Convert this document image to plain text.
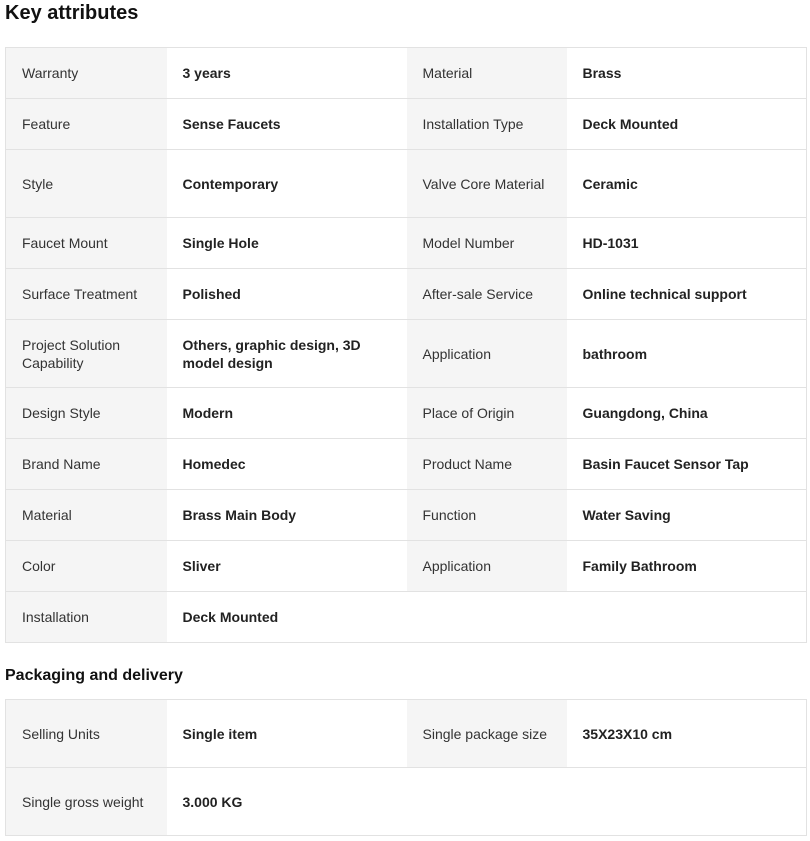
Key attributes
Warranty	3 years	Material	Brass
Feature	Sense Faucets	Installation Type	Deck Mounted
Style	Contemporary	Valve Core Material	Ceramic
Faucet Mount	Single Hole	Model Number	HD-1031
Surface Treatment	Polished	After-sale Service	Online technical support
Project Solution Capability	Others, graphic design, 3D model design	Application	bathroom
Design Style	Modern	Place of Origin	Guangdong, China
Brand Name	Homedec	Product Name	Basin Faucet Sensor Tap
Material	Brass Main Body	Function	Water Saving
Color	Sliver	Application	Family Bathroom
Installation	Deck Mounted		
Packaging and delivery
Selling Units	Single item	Single package size	35X23X10 cm
Single gross weight	3.000 KG		
